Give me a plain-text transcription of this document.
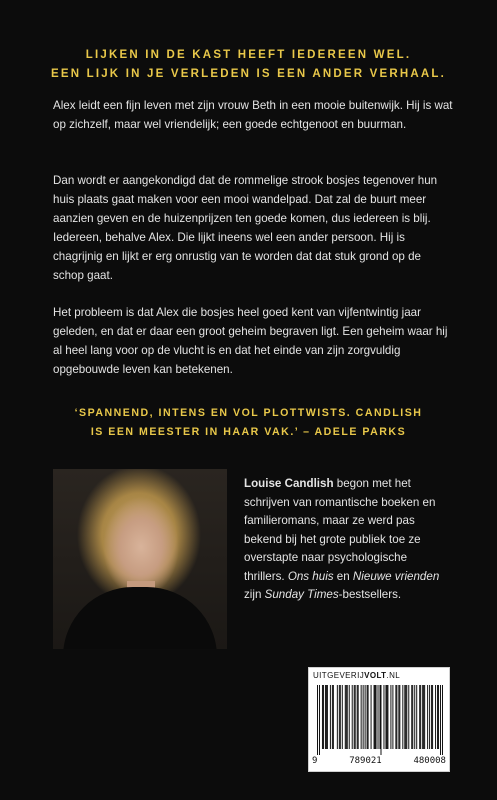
LIJKEN IN DE KAST HEEFT IEDEREEN WEL.
EEN LIJK IN JE VERLEDEN IS EEN ANDER VERHAAL.

Alex leidt een fijn leven met zijn vrouw Beth in een mooie buitenwijk. Hij is wat op zichzelf, maar wel vriendelijk; een goede echtgenoot en buurman.

Dan wordt er aangekondigd dat de rommelige strook bosjes tegenover hun huis plaats gaat maken voor een mooi wandelpad. Dat zal de buurt meer aanzien geven en de huizenprijzen ten goede komen, dus iedereen is blij. Iedereen, behalve Alex. Die lijkt ineens wel een ander persoon. Hij is chagrijnig en lijkt er erg onrustig van te worden dat dat stuk grond op de schop gaat.

Het probleem is dat Alex die bosjes heel goed kent van vijfentwintig jaar geleden, en dat er daar een groot geheim begraven ligt. Een geheim waar hij al heel lang voor op de vlucht is en dat het einde van zijn zorgvuldig opgebouwde leven kan betekenen.

‘SPANNEND, INTENS EN VOL PLOTTWISTS. CANDLISH
IS EEN MEESTER IN HAAR VAK.’ – ADELE PARKS
Louise Candlish begon met het schrijven van romantische boeken en familieromans, maar ze werd pas bekend bij het grote publiek toe ze overstapte naar psychologische thrillers. Ons huis en Nieuwe vrienden zijn Sunday Times-bestsellers.
UITGEVERIJVOLT.NL
9	789021	480008
